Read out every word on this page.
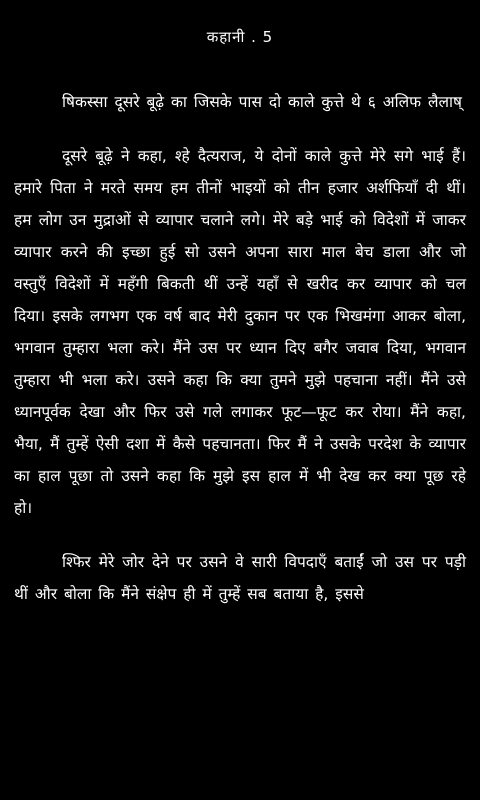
कहानी . 5

षिकस्सा दूसरे बूढ़े का जिसके पास दो काले कुत्ते थे ६ अलिफ लैलाष्

दूसरे बूढ़े ने कहा, श्हे दैत्यराज, ये दोनों काले कुत्ते मेरे सगे भाई हैं। हमारे पिता ने मरते समय हम तीनों भाइयों को तीन हजार अर्शफियाँ दी थीं। हम लोग उन मुद्राओं से व्यापार चलाने लगे। मेरे बड़े भाई को विदेशों में जाकर व्यापार करने की इच्छा हुई सो उसने अपना सारा माल बेच डाला और जो वस्तुएँ विदेशों में महँगी बिकती थीं उन्हें यहाँ से खरीद कर व्यापार को चल दिया। इसके लगभग एक वर्ष बाद मेरी दुकान पर एक भिखमंगा आकर बोला, भगवान तुम्हारा भला करे। मैंने उस पर ध्यान दिए बगैर जवाब दिया, भगवान तुम्हारा भी भला करे। उसने कहा कि क्या तुमने मुझे पहचाना नहीं। मैंने उसे ध्यानपूर्वक देखा और फिर उसे गले लगाकर फूट—फूट कर रोया। मैंने कहा, भैया, मैं तुम्हें ऐसी दशा में कैसे पहचानता। फिर मैं ने उसके परदेश के व्यापार का हाल पूछा तो उसने कहा कि मुझे इस हाल में भी देख कर क्या पूछ रहे हो।

श्फिर मेरे जोर देने पर उसने वे सारी विपदाएँ बताईं जो उस पर पड़ी थीं और बोला कि मैंने संक्षेप ही में तुम्हें सब बताया है, इससे
